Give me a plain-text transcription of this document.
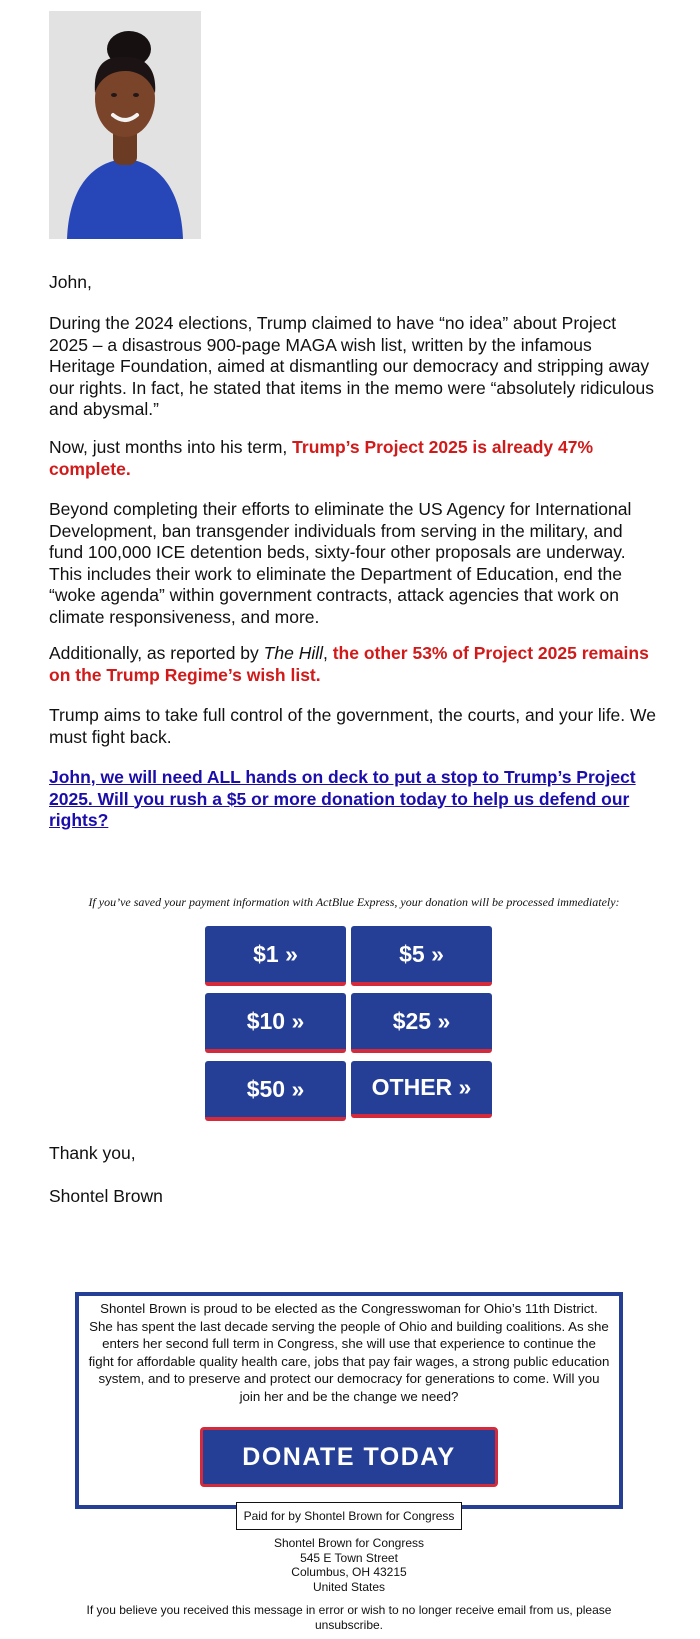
John,

During the 2024 elections, Trump claimed to have “no idea” about Project 2025 – a disastrous 900-page MAGA wish list, written by the infamous Heritage Foundation, aimed at dismantling our democracy and stripping away our rights. In fact, he stated that items in the memo were “absolutely ridiculous and abysmal.”

Now, just months into his term, Trump’s Project 2025 is already 47% complete.

Beyond completing their efforts to eliminate the US Agency for International Development, ban transgender individuals from serving in the military, and fund 100,000 ICE detention beds, sixty-four other proposals are underway. This includes their work to eliminate the Department of Education, end the “woke agenda” within government contracts, attack agencies that work on climate responsiveness, and more.

Additionally, as reported by The Hill, the other 53% of Project 2025 remains on the Trump Regime’s wish list.

Trump aims to take full control of the government, the courts, and your life. We must fight back.

John, we will need ALL hands on deck to put a stop to Trump’s Project 2025. Will you rush a $5 or more donation today to help us defend our rights?

If you’ve saved your payment information with ActBlue Express, your donation will be processed immediately:
$1 »	$5 »
$10 »	$25 »
$50 »	OTHER »

Thank you,

Shontel Brown

Shontel Brown is proud to be elected as the Congresswoman for Ohio’s 11th District. She has spent the last decade serving the people of Ohio and building coalitions. As she enters her second full term in Congress, she will use that experience to continue the fight for affordable quality health care, jobs that pay fair wages, a strong public education system, and to preserve and protect our democracy for generations to come. Will you join her and be the change we need?

DONATE TODAY
Paid for by Shontel Brown for Congress

Shontel Brown for Congress
545 E Town Street
Columbus, OH 43215
United States

If you believe you received this message in error or wish to no longer receive email from us, please unsubscribe.
